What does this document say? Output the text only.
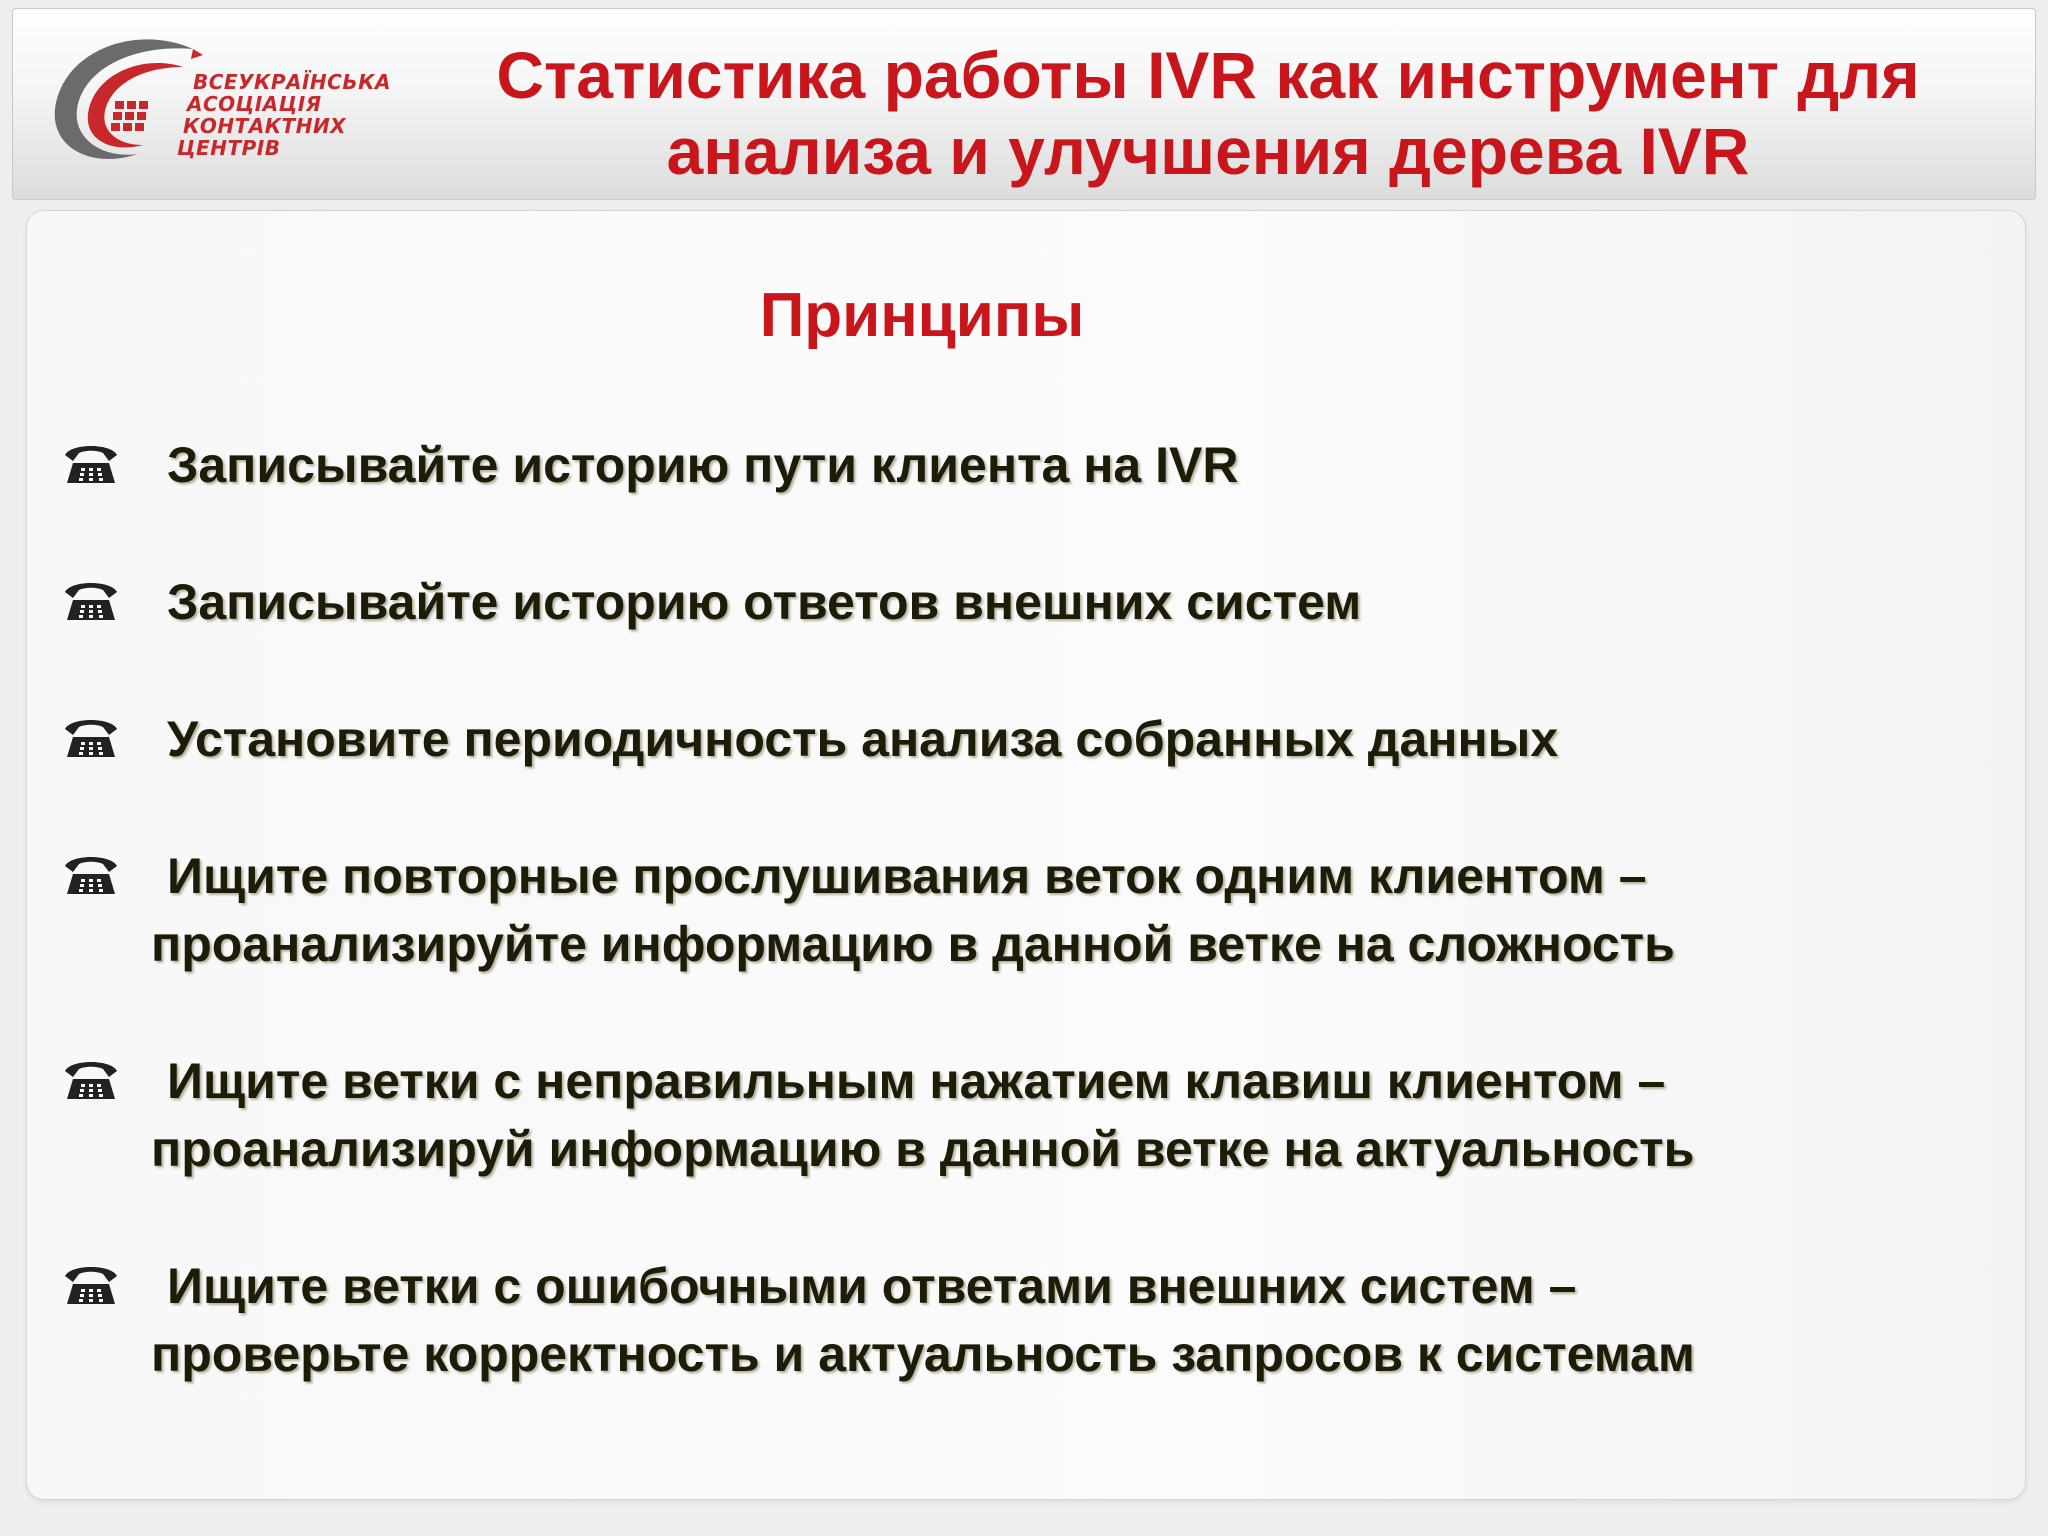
ВСЕУКРАЇНСЬКА
АСОЦІАЦІЯ
КОНТАКТНИХ
ЦЕНТРІВ
Статистика работы IVR как инструмент для
анализа и улучшения дерева IVR
Принципы
Записывайте историю пути клиента на IVR
Записывайте историю ответов внешних систем
Установите периодичность анализа собранных данных
Ищите повторные прослушивания веток одним клиентом –
проанализируйте информацию в данной ветке на сложность
Ищите ветки с неправильным нажатием клавиш клиентом –
проанализируй информацию в данной ветке на актуальность
Ищите ветки с ошибочными ответами внешних систем –
проверьте корректность и актуальность запросов к системам
